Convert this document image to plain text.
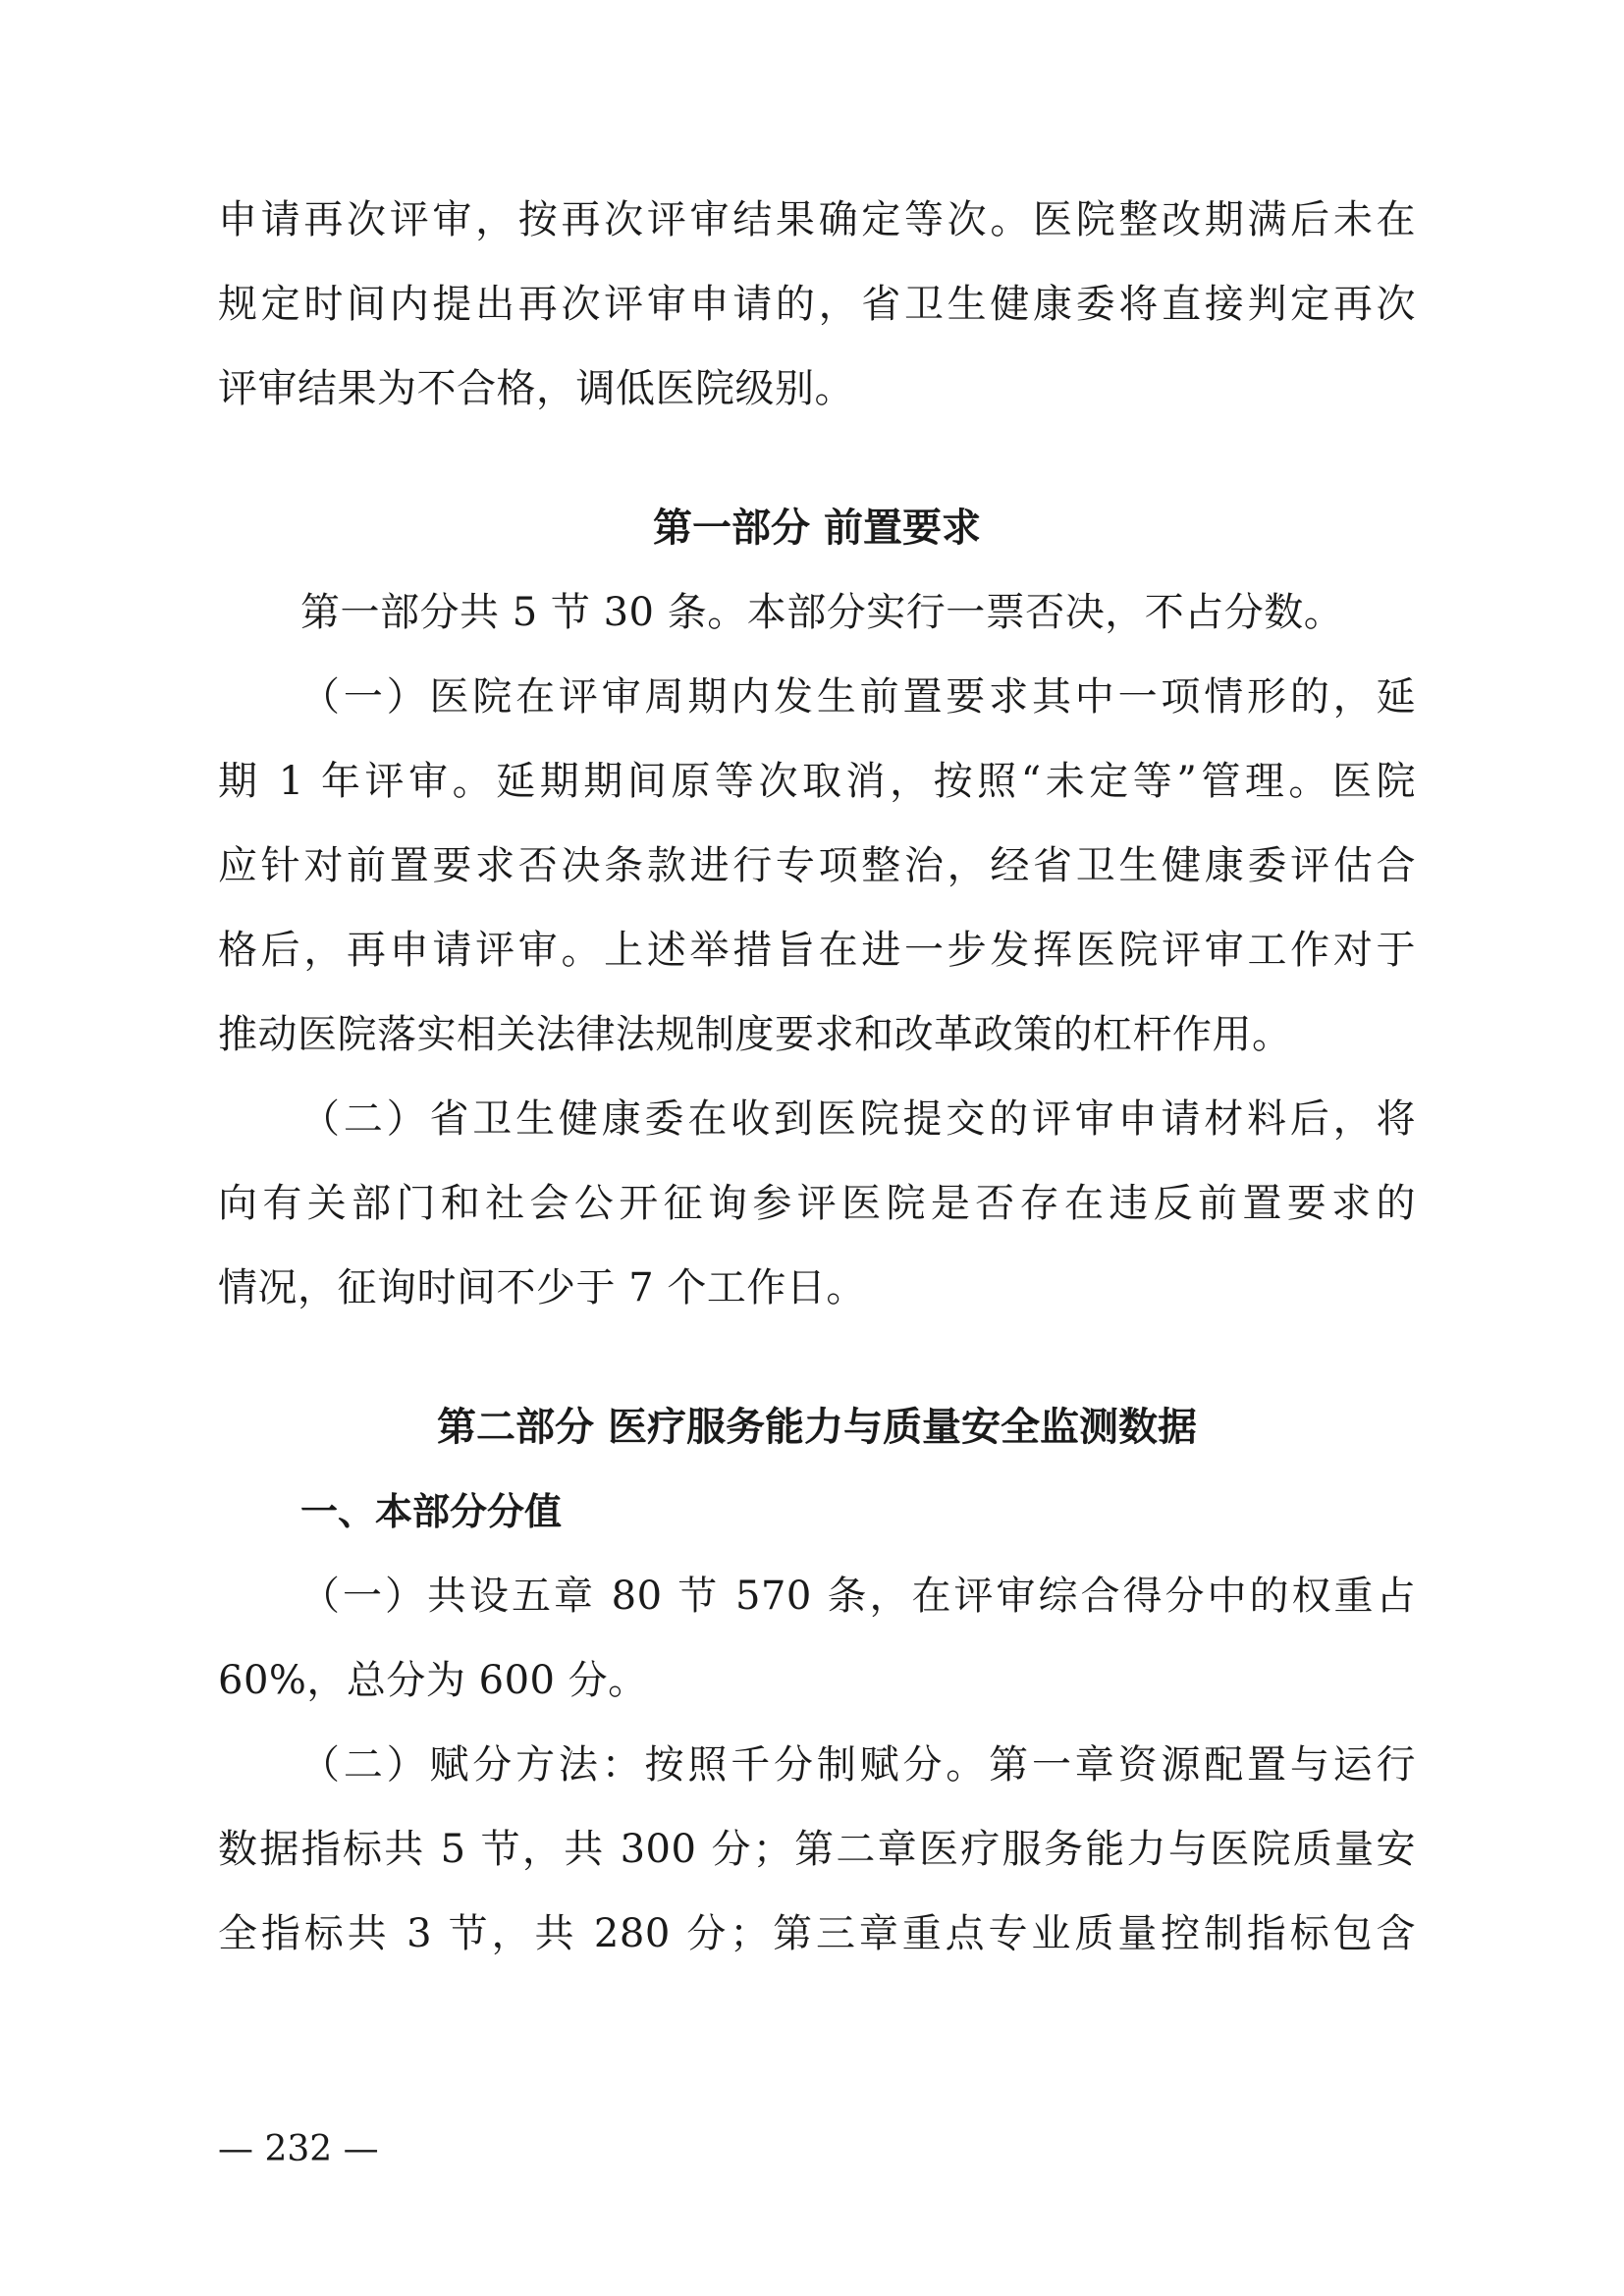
申请再次评审，按再次评审结果确定等次。医院整改期满后未在
规定时间内提出再次评审申请的，省卫生健康委将直接判定再次
评审结果为不合格，调低医院级别。
第一部分 前置要求
第一部分共 5 节 30 条。本部分实行一票否决，不占分数。
（一）医院在评审周期内发生前置要求其中一项情形的，延
期 1 年评审。延期期间原等次取消，按照“未定等”管理。医院
应针对前置要求否决条款进行专项整治，经省卫生健康委评估合
格后，再申请评审。上述举措旨在进一步发挥医院评审工作对于
推动医院落实相关法律法规制度要求和改革政策的杠杆作用。
（二）省卫生健康委在收到医院提交的评审申请材料后，将
向有关部门和社会公开征询参评医院是否存在违反前置要求的
情况，征询时间不少于 7 个工作日。
第二部分 医疗服务能力与质量安全监测数据
一、本部分分值
（一）共设五章 80 节 570 条，在评审综合得分中的权重占
60%，总分为 600 分。
（二）赋分方法：按照千分制赋分。第一章资源配置与运行
数据指标共 5 节，共 300 分；第二章医疗服务能力与医院质量安
全指标共 3 节，共 280 分；第三章重点专业质量控制指标包含
— 232 —
